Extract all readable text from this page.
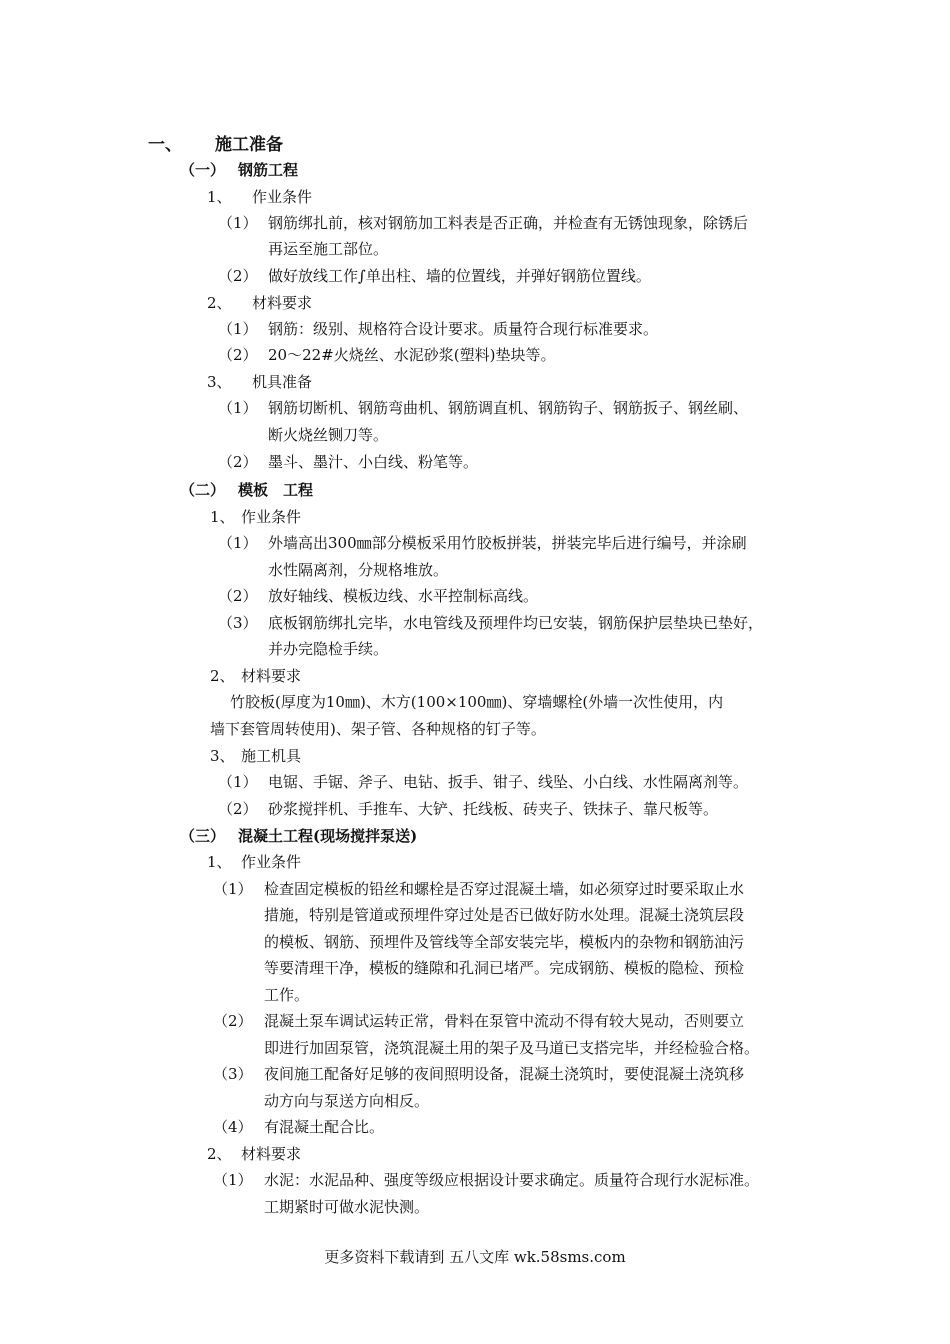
一、 施工准备
（一） 钢筋工程
1、 作业条件
（1） 钢筋绑扎前，核对钢筋加工料表是否正确，并检查有无锈蚀现象，除锈后
再运至施工部位。
（2） 做好放线工作∫单出柱、墙的位置线，并弹好钢筋位置线。
2、 材料要求
（1） 钢筋：级别、规格符合设计要求。质量符合现行标准要求。
（2） 20～22#火烧丝、水泥砂浆(塑料)垫块等。
3、 机具准备
（1） 钢筋切断机、钢筋弯曲机、钢筋调直机、钢筋钩子、钢筋扳子、钢丝刷、
断火烧丝铡刀等。
（2） 墨斗、墨汁、小白线、粉笔等。
（二） 模板　工程
1、 作业条件
（1） 外墙高出300㎜部分模板采用竹胶板拼装，拼装完毕后进行编号，并涂刷
水性隔离剂，分规格堆放。
（2） 放好轴线、模板边线、水平控制标高线。
（3） 底板钢筋绑扎完毕，水电管线及预埋件均已安装，钢筋保护层垫块已垫好，
并办完隐检手续。
2、 材料要求
竹胶板(厚度为10㎜)、木方(100×100㎜)、穿墙螺栓(外墙一次性使用，内
墙下套管周转使用)、架子管、各种规格的钉子等。
3、 施工机具
（1） 电锯、手锯、斧子、电钻、扳手、钳子、线坠、小白线、水性隔离剂等。
（2） 砂浆搅拌机、手推车、大铲、托线板、砖夹子、铁抹子、靠尺板等。
（三） 混凝土工程(现场搅拌泵送)
1、 作业条件
（1） 检查固定模板的铅丝和螺栓是否穿过混凝土墙，如必须穿过时要采取止水
措施，特别是管道或预埋件穿过处是否已做好防水处理。混凝土浇筑层段
的模板、钢筋、预埋件及管线等全部安装完毕，模板内的杂物和钢筋油污
等要清理干净，模板的缝隙和孔洞已堵严。完成钢筋、模板的隐检、预检
工作。
（2） 混凝土泵车调试运转正常，骨料在泵管中流动不得有较大晃动，否则要立
即进行加固泵管，浇筑混凝土用的架子及马道已支搭完毕，并经检验合格。
（3） 夜间施工配备好足够的夜间照明设备，混凝土浇筑时，要使混凝土浇筑移
动方向与泵送方向相反。
（4） 有混凝土配合比。
2、 材料要求
（1） 水泥：水泥品种、强度等级应根据设计要求确定。质量符合现行水泥标准。
工期紧时可做水泥快测。
更多资料下载请到 五八文库 wk.58sms.com
